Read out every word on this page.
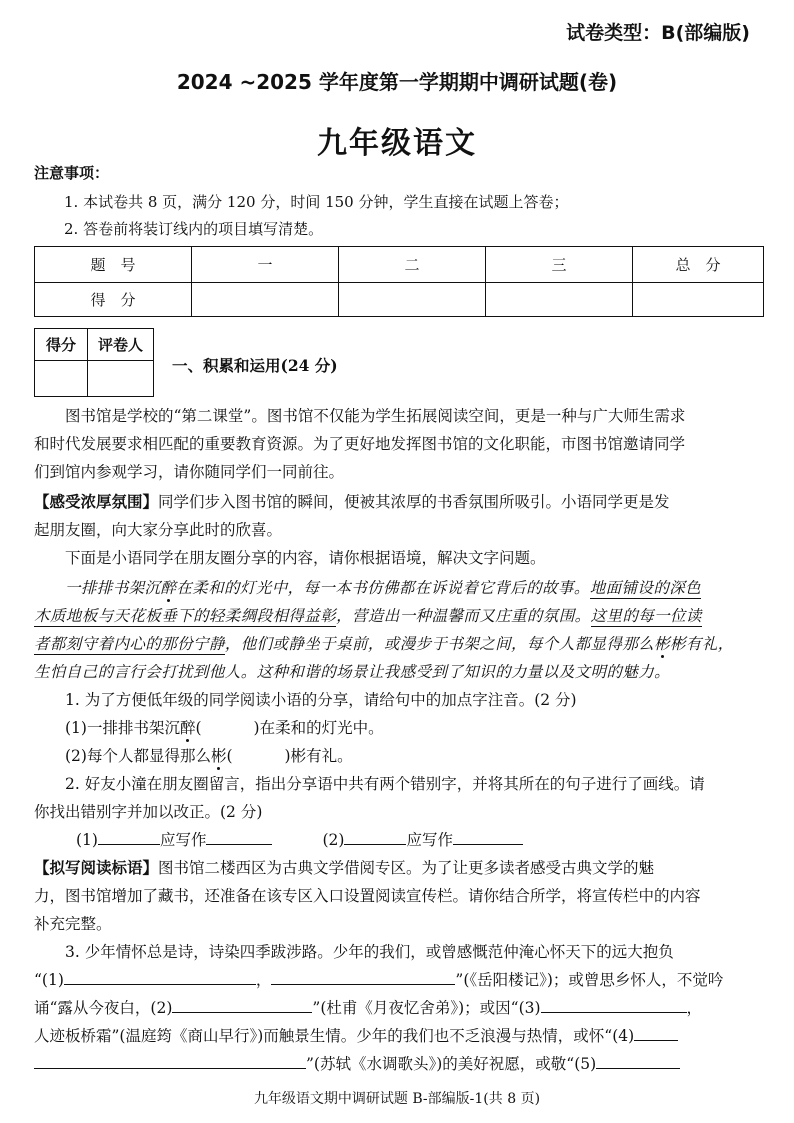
试卷类型：B(部编版)
2024 ~2025 学年度第一学期期中调研试题(卷)
九年级语文
注意事项：
1. 本试卷共 8 页，满分 120 分，时间 150 分钟，学生直接在试题上答卷；
2. 答卷前将装订线内的项目填写清楚。
题　号	一	二	三	总　分
得　分				
得分	评卷人

一、积累和运用(24 分)
图书馆是学校的“第二课堂”。图书馆不仅能为学生拓展阅读空间，更是一种与广大师生需求
和时代发展要求相匹配的重要教育资源。为了更好地发挥图书馆的文化职能，市图书馆邀请同学
们到馆内参观学习，请你随同学们一同前往。
【感受浓厚氛围】同学们步入图书馆的瞬间，便被其浓厚的书香氛围所吸引。小语同学更是发
起朋友圈，向大家分享此时的欣喜。
下面是小语同学在朋友圈分享的内容，请你根据语境，解决文字问题。
一排排书架沉醉在柔和的灯光中，每一本书仿佛都在诉说着它背后的故事。地面铺设的深色
木质地板与天花板垂下的轻柔绸段相得益彰，营造出一种温馨而又庄重的氛围。这里的每一位读
者都刻守着内心的那份宁静，他们或静坐于桌前，或漫步于书架之间，每个人都显得那么彬彬有礼，
生怕自己的言行会打扰到他人。这种和谐的场景让我感受到了知识的力量以及文明的魅力。
1. 为了方便低年级的同学阅读小语的分享，请给句中的加点字注音。(2 分)
(1)一排排书架沉醉(	)在柔和的灯光中。
(2)每个人都显得那么彬(	)彬有礼。
2. 好友小潼在朋友圈留言，指出分享语中共有两个错别字，并将其所在的句子进行了画线。请
你找出错别字并加以改正。(2 分)
(1)	应写作	(2)	应写作
【拟写阅读标语】图书馆二楼西区为古典文学借阅专区。为了让更多读者感受古典文学的魅
力，图书馆增加了藏书，还准备在该专区入口设置阅读宣传栏。请你结合所学，将宣传栏中的内容
补充完整。
3. 少年情怀总是诗，诗染四季跋涉路。少年的我们，或曾感慨范仲淹心怀天下的远大抱负
“(1)	，	”(《岳阳楼记》)；或曾思乡怀人，不觉吟
诵“露从今夜白，(2)	”(杜甫《月夜忆舍弟》)；或因“(3)	，
人迹板桥霜”(温庭筠《商山早行》)而触景生情。少年的我们也不乏浪漫与热情，或怀“(4)
”(苏轼《水调歌头》)的美好祝愿，或敬“(5)
九年级语文期中调研试题 B-部编版-1(共 8 页)
